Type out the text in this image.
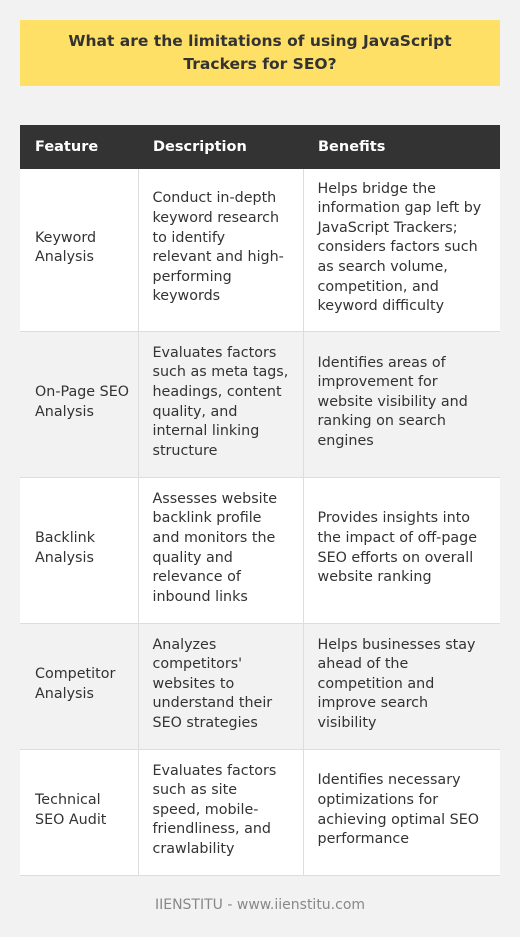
What are the limitations of using JavaScript Trackers for SEO?
Feature	Description	Benefits
Keyword Analysis	Conduct in-depth keyword research to identify relevant and high-performing keywords	Helps bridge the information gap left by JavaScript Trackers; considers factors such as search volume, competition, and keyword difficulty
On-Page SEO Analysis	Evaluates factors such as meta tags, headings, content quality, and internal linking structure	Identifies areas of improvement for website visibility and ranking on search engines
Backlink Analysis	Assesses website backlink profile and monitors the quality and relevance of inbound links	Provides insights into the impact of off-page SEO efforts on overall website ranking
Competitor Analysis	Analyzes competitors' websites to understand their SEO strategies	Helps businesses stay ahead of the competition and improve search visibility
Technical SEO Audit	Evaluates factors such as site speed, mobile-friendliness, and crawlability	Identifies necessary optimizations for achieving optimal SEO performance
IIENSTITU - www.iienstitu.com
